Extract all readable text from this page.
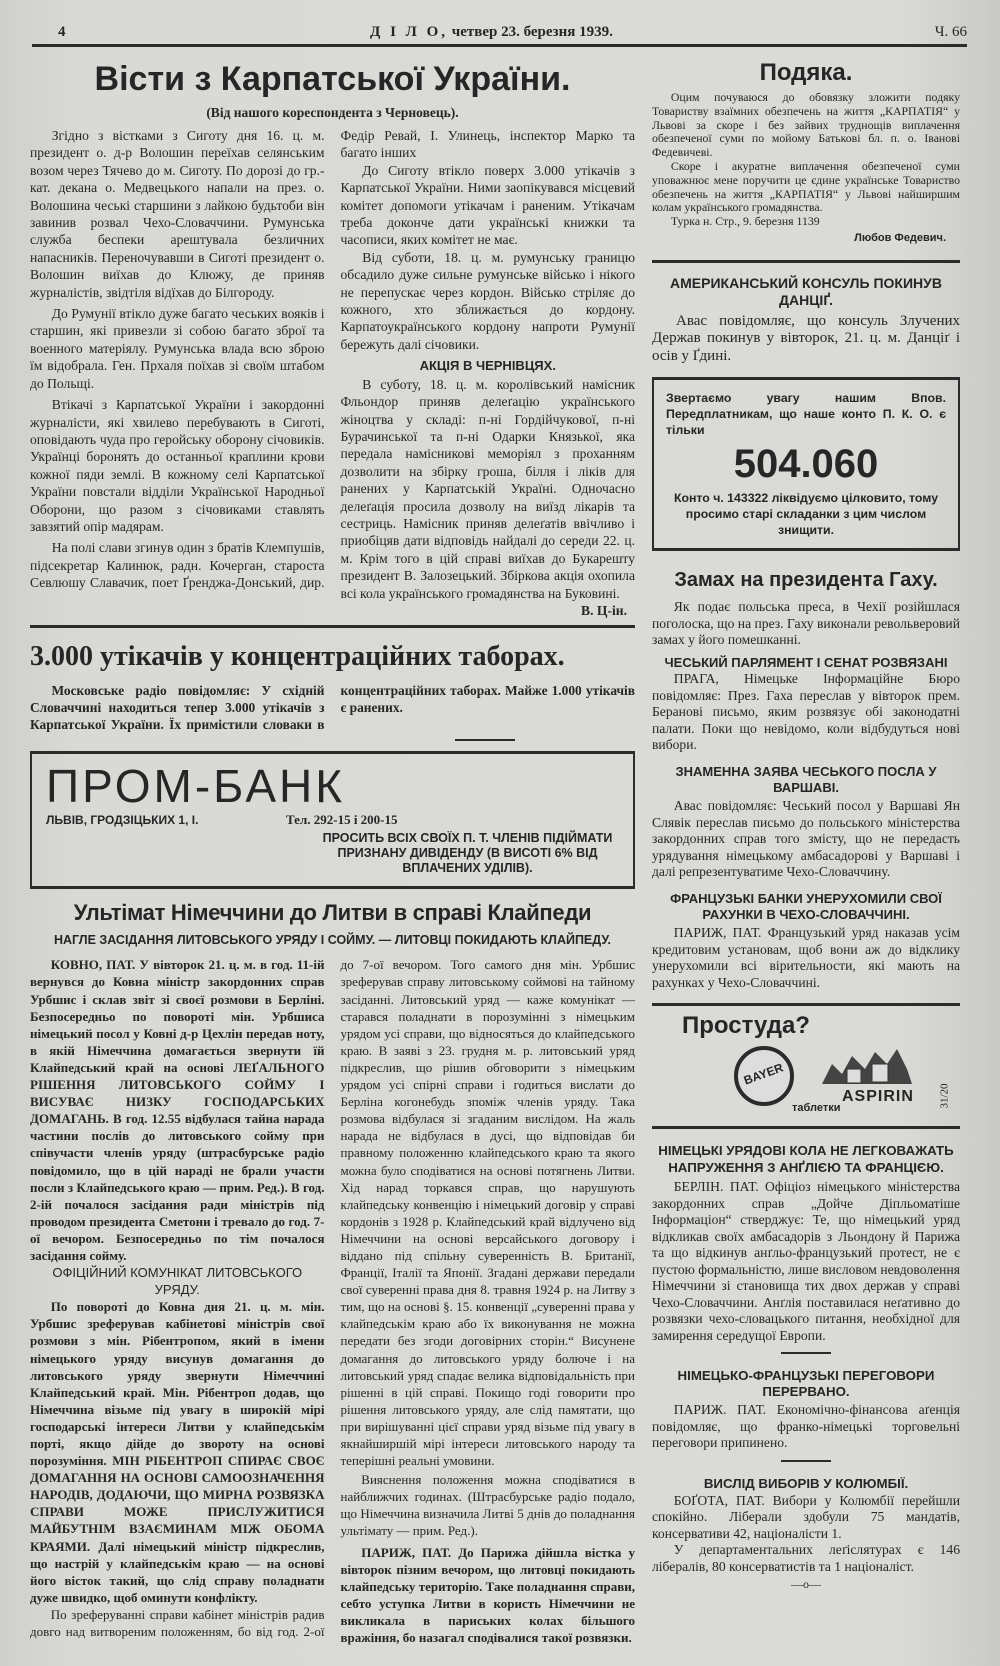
4	Д І Л О, четвер 23. березня 1939.	Ч. 66
Вісти з Карпатської України.
(Від нашого кореспондента з Черновець).

Згідно з вістками з Сиготу дня 16. ц. м. президент о. д-р Волошин переїхав селянським возом через Тячево до м. Сиготу. По дорозі до гр.-кат. декана о. Медвецького напали на през. о. Волошина чеські старшини з лайкою будьтоби він завинив розвал Чехо-Словаччини. Румунська служба беспеки арештувала безличних напасників. Переночувавши в Сиготі президент о. Волошин виїхав до Клюжу, де приняв журналістів, звідтіля відїхав до Білгороду.

До Румунії втікло дуже багато чеських вояків і старшин, які привезли зі собою багато зброї та военного матеріялу. Румунська влада всю зброю їм відобрала. Ген. Прхаля поїхав зі своїм штабом до Польщі.

Втікачі з Карпатської України і закордонні журналісти, які хвилево перебувають в Сиготі, оповідають чуда про геройську оборону січовиків. Українці боронять до останньої краплини крови кожної пяди землі. В кожному селі Карпатської України повстали відділи Української Народньої Оборони, що разом з січовиками ставлять завзятий опір мадярам.

На полі слави згинув один з братів Клемпушів, підсекретар Калинюк, радн. Кочерган, староста Севлюшу Славачик, поет Ґренджа-Донський, дир. Федір Ревай, І. Улинець, інспектор Марко та багато інших

До Сиготу втікло поверх 3.000 утікачів з Карпатської України. Ними заопікувався місцевий комітет допомоги утікачам і раненим. Утікачам треба доконче дати українські книжки та часописи, яких комітет не має.

Від суботи, 18. ц. м. румунську границю обсадило дуже сильне румунське військо і нікого не перепускає через кордон. Військо стріляє до кожного, хто зближається до кордону. Карпатоукраїнського кордону напроти Румунії бережуть далі січовики.

АКЦІЯ В ЧЕРНІВЦЯХ.

В суботу, 18. ц. м. королівський намісник Фльондор приняв делеґацію українського жіноцтва у складі: п-ні Гордійчукової, п-ні Бурачинської та п-ні Одарки Князької, яка передала намісникові меморіял з проханням дозволити на збірку гроша, білля і ліків для ранених у Карпатській Україні. Одночасно делеґація просила дозволу на виїзд лікарів та сестриць. Намісник приняв делеґатів ввічливо і приобіцяв дати відповідь найдалі до середи 22. ц. м. Крім того в цій справі виїхав до Букарешту президент В. Залозецький. Збіркова акція охопила всі кола українського громадянства на Буковині.

В. Ц-ін.
3.000 утікачів у концентраційних таборах.

Московське радіо повідомляє: У східній Словаччині находиться тепер 3.000 утікачів з Карпатської України. Їх примістили словаки в концентраційних таборах. Майже 1.000 утікачів є ранених.

ПРОМ-БАНК
ЛЬВІВ, ГРОДЗІЦЬКИХ 1, І.	Тел. 292-15 і 200-15
ПРОСИТЬ ВСІХ СВОЇХ П. Т. ЧЛЕНІВ ПІДІЙМАТИ ПРИЗНАНУ ДИВІДЕНДУ (В ВИСОТІ 6% ВІД ВПЛАЧЕНИХ УДІЛІВ).
Ультімат Німеччини до Литви в справі Клайпеди
НАГЛЕ ЗАСІДАННЯ ЛИТОВСЬКОГО УРЯДУ І СОЙМУ. — ЛИТОВЦІ ПОКИДАЮТЬ КЛАЙПЕДУ.

КОВНО, ПАТ. У вівторок 21. ц. м. в год. 11-ій вернувся до Ковна міністр закордонних справ Урбшис і склав звіт зі своєї розмови в Берліні. Безпосередньо по повороті мін. Урбшиса німецький посол у Ковні д-р Цехлін передав ноту, в якій Німеччина домагається звернути їй Клайпедський край на основі ЛЕҐАЛЬНОГО РІШЕННЯ ЛИТОВСЬКОГО СОЙМУ І ВИСУВАЄ НИЗКУ ГОСПОДАРСЬКИХ ДОМАГАНЬ. В год. 12.55 відбулася тайна нарада частини послів до литовського сойму при співучасти членів уряду (штрасбурське радіо повідомило, що в цій нараді не брали участи посли з Клайпедського краю — прим. Ред.). В год. 2-ій почалося засідання ради міністрів під проводом президента Сметони і тревало до год. 7-ої вечором. Безпосередньо по тім почалося засідання сойму.

ОФІЦІЙНИЙ КОМУНІКАТ ЛИТОВСЬКОГО УРЯДУ.

По повороті до Ковна дня 21. ц. м. мін. Урбшис зреферував кабінетові міністрів свої розмови з мін. Рібентропом, який в імени німецького уряду висунув домагання до литовського уряду звернути Німеччині Клайпедський край. Мін. Рібентроп додав, що Німеччина візьме під увагу в широкій мірі господарські інтереси Литви у клайпедськім порті, якщо дійде до звороту на основі порозуміння. МІН РІБЕНТРОП СПИРАЄ СВОЄ ДОМАГАННЯ НА ОСНОВІ САМООЗНАЧЕННЯ НАРОДІВ, ДОДАЮЧИ, ЩО МИРНА РОЗВЯЗКА СПРАВИ МОЖЕ ПРИСЛУЖИТИСЯ МАЙБУТНІМ ВЗАЄМИНАМ МІЖ ОБОМА КРАЯМИ. Далі німецький міністр підкреслив, що настрій у клайпедськім краю — на основі його вісток такий, що слід справу поладнати дуже швидко, щоб оминути конфлікту.

По зреферуванні справи кабінет міністрів радив довго над витвореним положенням, бо від год. 2-ої до 7-ої вечором. Того самого дня мін. Урбшис зреферував справу литовському соймові на тайному засіданні. Литовський уряд — каже комунікат — старався поладнати в порозумінні з німецьким урядом усі справи, що відносяться до клайпедського краю. В заяві з 23. грудня м. р. литовський уряд підкреслив, що рішив обговорити з німецьким урядом усі спірні справи і годиться вислати до Берліна когонебудь зпоміж членів уряду. Така розмова відбулася зі згаданим вислідом. На жаль нарада не відбулася в дусі, що відповідав би правному положенню клайпедського краю та якого можна було сподіватися на основі потягнень Литви. Хід нарад торкався справ, що нарушують клайпедську конвенцію і німецький договір у справі кордонів з 1928 р. Клайпедський край відлучено від Німеччини на основі версайського договору і віддано під спільну суверенність В. Британії, Франції, Італії та Японії. Згадані держави передали свої суверенні права дня 8. травня 1924 р. на Литву з тим, що на основі §. 15. конвенції „суверенні права у клайпедськім краю або їх виконування не можна передати без згоди договірних сторін.“ Висунене домагання до литовського уряду болюче і на литовський уряд спадає велика відповідальність при рішенні в цій справі. Покищо годі говорити про рішення литовського уряду, але слід памятати, що при вирішуванні цієї справи уряд візьме під увагу в якнайширшій мірі інтереси литовського народу та теперішні реальні умовини.

Вияснення положення можна сподіватися в найближчих годинах. (Штрасбурське радіо подало, що Німеччина визначила Литві 5 днів до поладнання ультімату — прим. Ред.).

ПАРИЖ, ПАТ. До Парижа дійшла вістка у вівторок пізним вечором, що литовці покидають клайпедську територію. Таке поладнання справи, себто уступка Литви в користь Німеччини не викликала в париських колах більшого вражіння, бо назагал сподівалися такої розвязки.

Подяка.

Оцим почуваюся до обовязку зложити подяку Товариству взаїмних обезпечень на життя „КАРПАТІЯ“ у Львові за скоре і без зайвих труднощів виплачення обезпеченої суми по мойому Батькові бл. п. о. Іванові Федевичеві.

Скоре і акуратне виплачення обезпеченої суми уповажнює мене поручити це єдине українське Товариство обезпечень на життя „КАРПАТІЯ“ у Львові найширшим колам українського громадянства.

Турка н. Стр., 9. березня 1139

Любов Федевич.
АМЕРИКАНСЬКИЙ КОНСУЛЬ ПОКИНУВ ДАНЦІҐ.

Авас повідомляє, що консуль Злучених Держав покинув у вівторок, 21. ц. м. Данціґ і осів у Ґдині.

Звертаємо увагу нашим Впов. Передплатникам, що наше конто П. К. О. є тільки
504.060
Конто ч. 143322 ліквідуємо цілковито, тому просимо старі складанки з цим числом знищити.
Замах на президента Гаху.

Як подає польська преса, в Чехії розійшлася поголоска, що на през. Гаху виконали револьверовий замах у його помешканні.

ЧЕСЬКИЙ ПАРЛЯМЕНТ І СЕНАТ РОЗВЯЗАНІ

ПРАГА, Німецьке Інформаційне Бюро повідомляє: През. Гаха переслав у вівторок прем. Беранові письмо, яким розвязує обі законодатні палати. Поки що невідомо, коли відбудуться нові вибори.

ЗНАМЕННА ЗАЯВА ЧЕСЬКОГО ПОСЛА У ВАРШАВІ.

Авас повідомляє: Чеський посол у Варшаві Ян Слявік переслав письмо до польського міністерства закордонних справ того змісту, що не передасть урядування німецькому амбасадорові у Варшаві і далі репрезентуватиме Чехо-Словаччину.

ФРАНЦУЗЬКІ БАНКИ УНЕРУХОМИЛИ СВОЇ РАХУНКИ В ЧЕХО-СЛОВАЧЧИНІ.

ПАРИЖ, ПАТ. Французький уряд наказав усім кредитовим установам, щоб вони аж до відклику унерухомили всі вірительности, які мають на рахунках у Чехо-Словаччині.

Простуда?
BAYER
таблетки
ASPIRIN 31/20
НІМЕЦЬКІ УРЯДОВІ КОЛА НЕ ЛЕГКОВАЖАТЬ НАПРУЖЕННЯ З АНҐЛІЄЮ ТА ФРАНЦІЄЮ.

БЕРЛІН. ПАТ. Офіціоз німецького міністерства закордонних справ „Дойче Діпльоматіше Інформаціон“ стверджує: Те, що німецький уряд відкликав своїх амбасадорів з Льондону й Парижа та що відкинув анґльо-французький протест, не є пустою формальністю, лише висловом невдоволення Німеччини зі становища тих двох держав у справі Чехо-Словаччини. Анґлія поставилася неґативно до розвязки чехо-словацького питання, необхідної для замирення середущої Европи.

НІМЕЦЬКО-ФРАНЦУЗЬКІ ПЕРЕГОВОРИ ПЕРЕРВАНО.

ПАРИЖ. ПАТ. Економічно-фінансова аґенція повідомляє, що франко-німецькі торговельні переговори припинено.

ВИСЛІД ВИБОРІВ У КОЛЮМБІЇ.

БОҐОТА, ПАТ. Вибори у Колюмбії перейшли спокійно. Ліберали здобули 75 мандатів, консервативи 42, націоналісти 1.

У департаментальних леґіслятурах є 146 лібералів, 80 консерватистів та 1 націоналіст.

—o—
